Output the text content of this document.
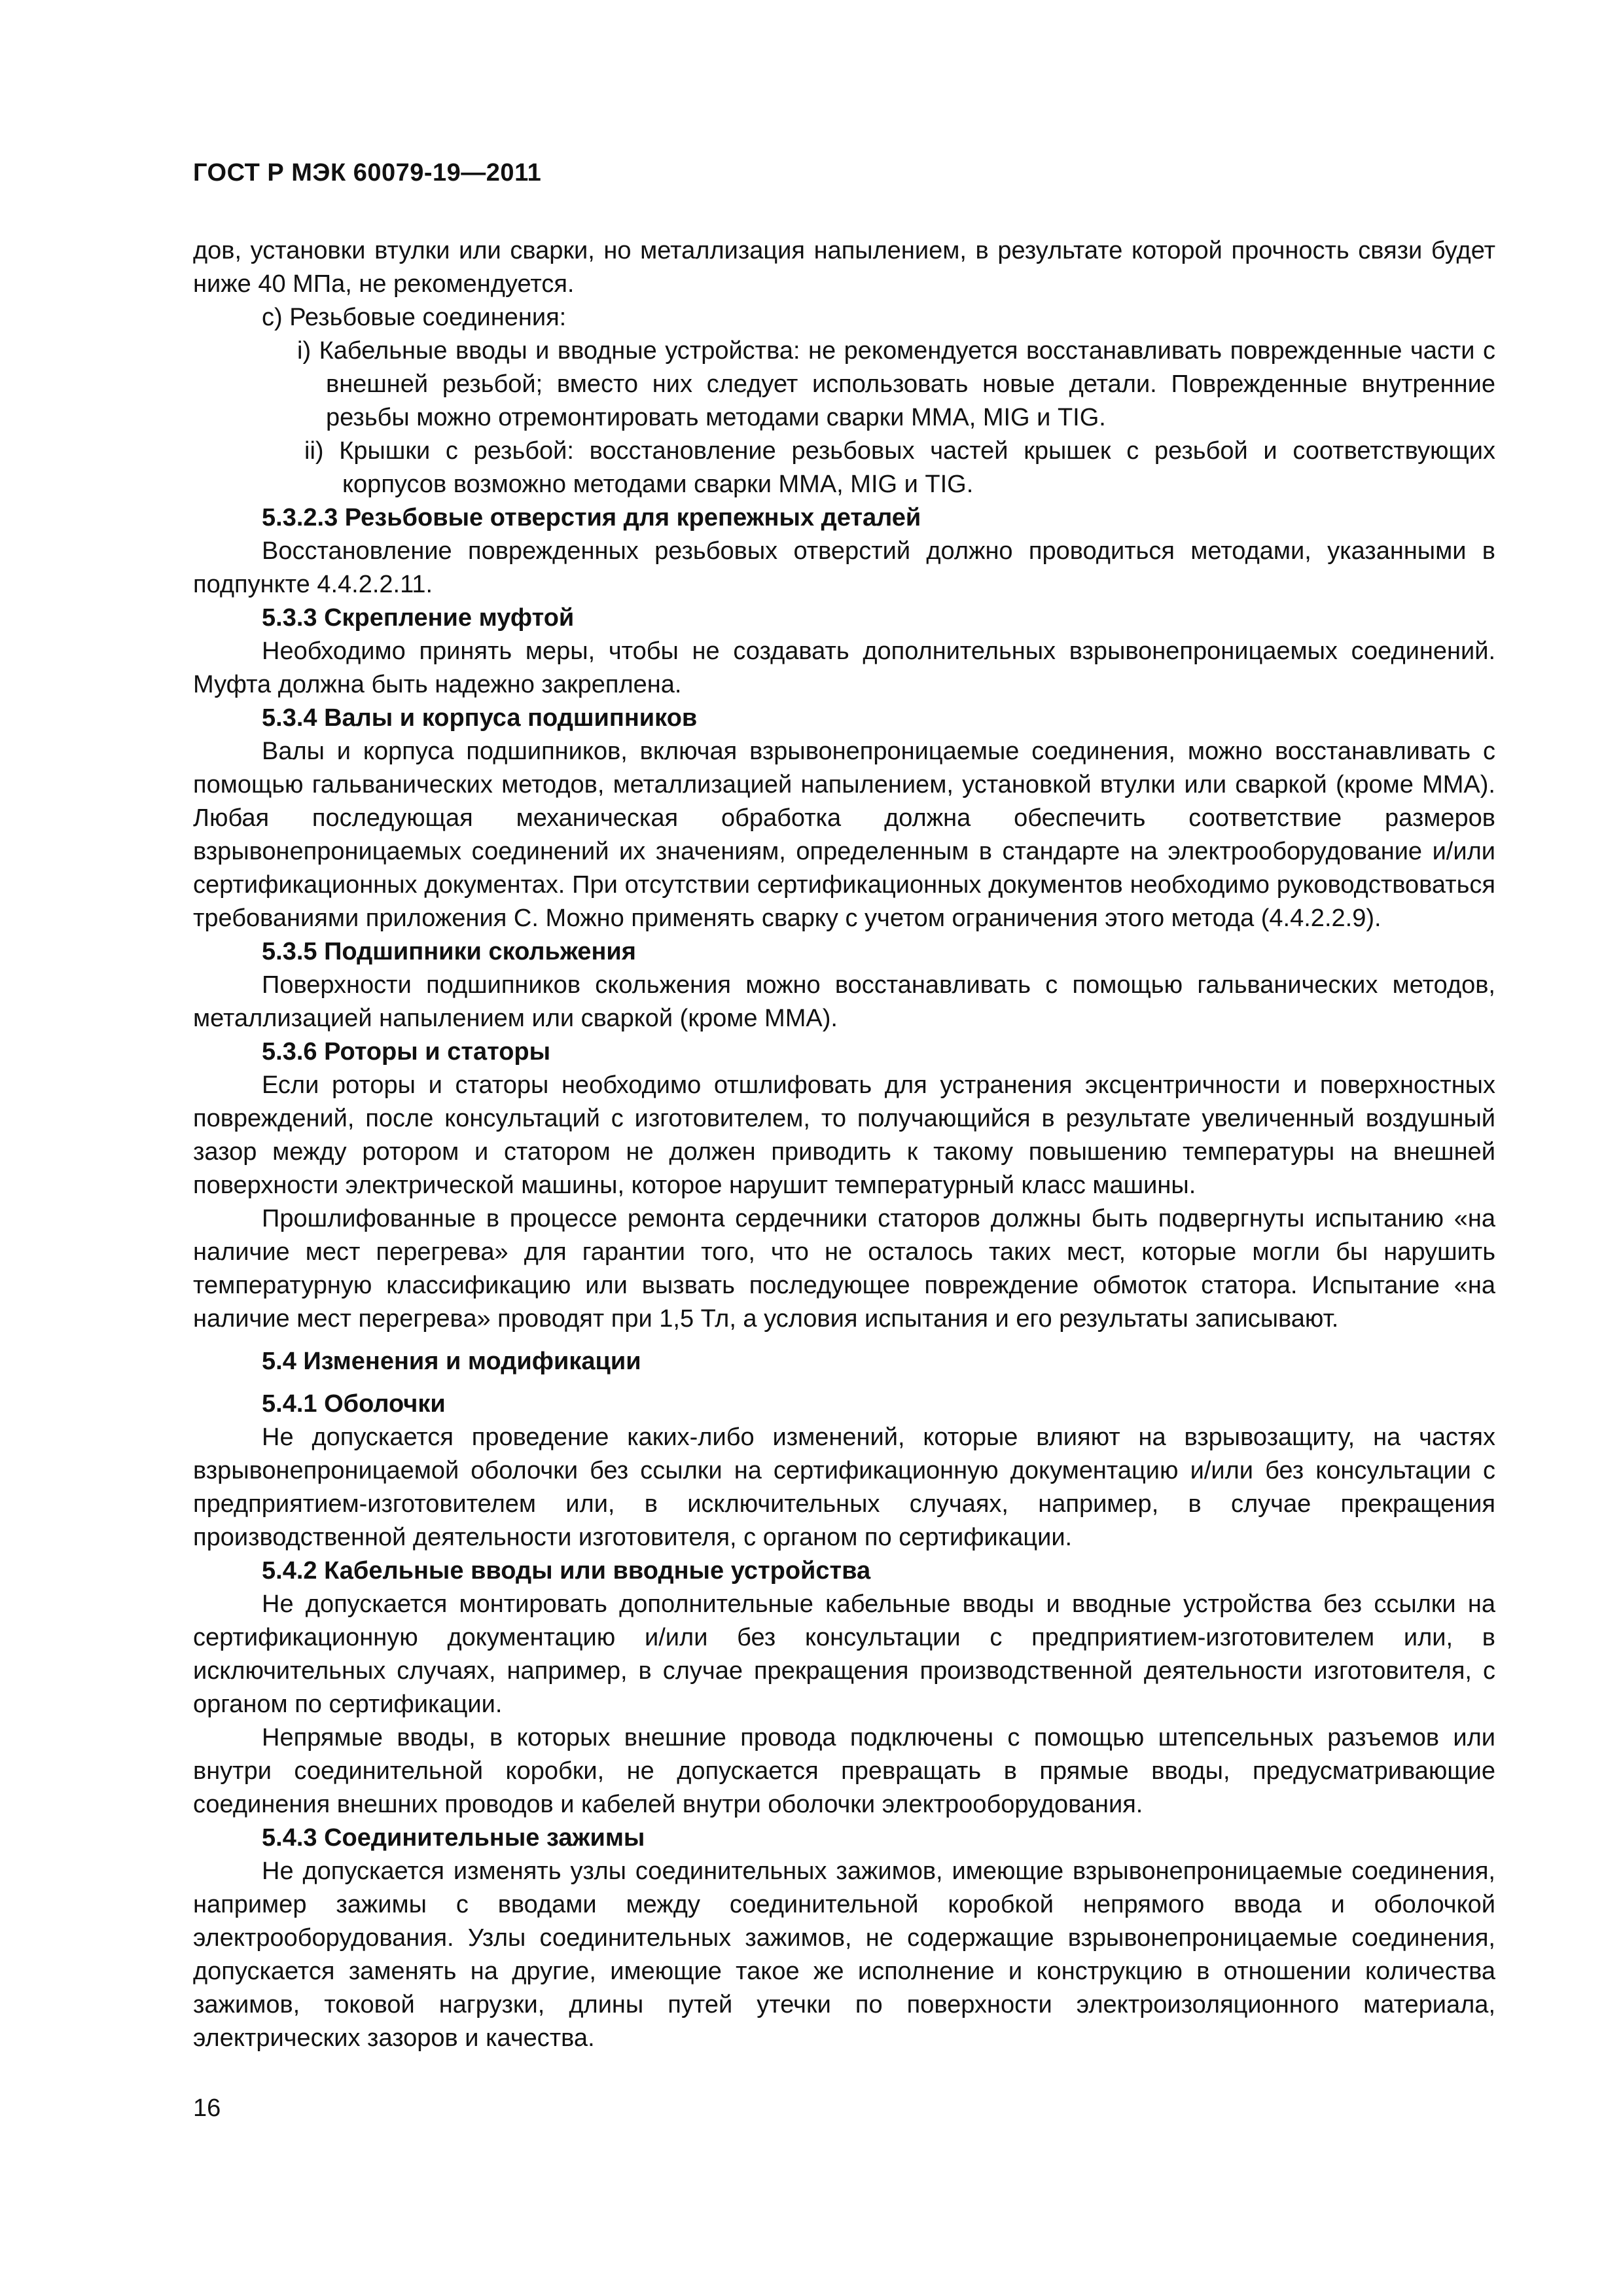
ГОСТ Р МЭК 60079-19—2011

дов, установки втулки или сварки, но металлизация напылением, в результате которой прочность связи будет ниже 40 МПа, не рекомендуется.

c) Резьбовые соединения:

i) Кабельные вводы и вводные устройства: не рекомендуется восстанавливать поврежденные части с внешней резьбой; вместо них следует использовать новые детали. Поврежденные внутренние резьбы можно отремонтировать методами сварки ММА, MIG и TIG.

ii) Крышки с резьбой: восстановление резьбовых частей крышек с резьбой и соответствующих корпусов возможно методами сварки ММА, MIG и TIG.

5.3.2.3 Резьбовые отверстия для крепежных деталей

Восстановление поврежденных резьбовых отверстий должно проводиться методами, указанными в подпункте 4.4.2.2.11.

5.3.3 Скрепление муфтой

Необходимо принять меры, чтобы не создавать дополнительных взрывонепроницаемых соединений. Муфта должна быть надежно закреплена.

5.3.4 Валы и корпуса подшипников

Валы и корпуса подшипников, включая взрывонепроницаемые соединения, можно восстанавливать с помощью гальванических методов, металлизацией напылением, установкой втулки или сваркой (кроме ММА). Любая последующая механическая обработка должна обеспечить соответствие размеров взрывонепроницаемых соединений их значениям, определенным в стандарте на электрооборудование и/или сертификационных документах. При отсутствии сертификационных документов необходимо руководствоваться требованиями приложения С. Можно применять сварку с учетом ограничения этого метода (4.4.2.2.9).

5.3.5 Подшипники скольжения

Поверхности подшипников скольжения можно восстанавливать с помощью гальванических методов, металлизацией напылением или сваркой (кроме ММА).

5.3.6 Роторы и статоры

Если роторы и статоры необходимо отшлифовать для устранения эксцентричности и поверхностных повреждений, после консультаций с изготовителем, то получающийся в результате увеличенный воздушный зазор между ротором и статором не должен приводить к такому повышению температуры на внешней поверхности электрической машины, которое нарушит температурный класс машины.

Прошлифованные в процессе ремонта сердечники статоров должны быть подвергнуты испытанию «на наличие мест перегрева» для гарантии того, что не осталось таких мест, которые могли бы нарушить температурную классификацию или вызвать последующее повреждение обмоток статора. Испытание «на наличие мест перегрева» проводят при 1,5 Тл, а условия испытания и его результаты записывают.

5.4 Изменения и модификации

5.4.1 Оболочки

Не допускается проведение каких-либо изменений, которые влияют на взрывозащиту, на частях взрывонепроницаемой оболочки без ссылки на сертификационную документацию и/или без консультации с предприятием-изготовителем или, в исключительных случаях, например, в случае прекращения производственной деятельности изготовителя, с органом по сертификации.

5.4.2 Кабельные вводы или вводные устройства

Не допускается монтировать дополнительные кабельные вводы и вводные устройства без ссылки на сертификационную документацию и/или без консультации с предприятием-изготовителем или, в исключительных случаях, например, в случае прекращения производственной деятельности изготовителя, с органом по сертификации.

Непрямые вводы, в которых внешние провода подключены с помощью штепсельных разъемов или внутри соединительной коробки, не допускается превращать в прямые вводы, предусматривающие соединения внешних проводов и кабелей внутри оболочки электрооборудования.

5.4.3 Соединительные зажимы

Не допускается изменять узлы соединительных зажимов, имеющие взрывонепроницаемые соединения, например зажимы с вводами между соединительной коробкой непрямого ввода и оболочкой электрооборудования. Узлы соединительных зажимов, не содержащие взрывонепроницаемые соединения, допускается заменять на другие, имеющие такое же исполнение и конструкцию в отношении количества зажимов, токовой нагрузки, длины путей утечки по поверхности электроизоляционного материала, электрических зазоров и качества.

16
